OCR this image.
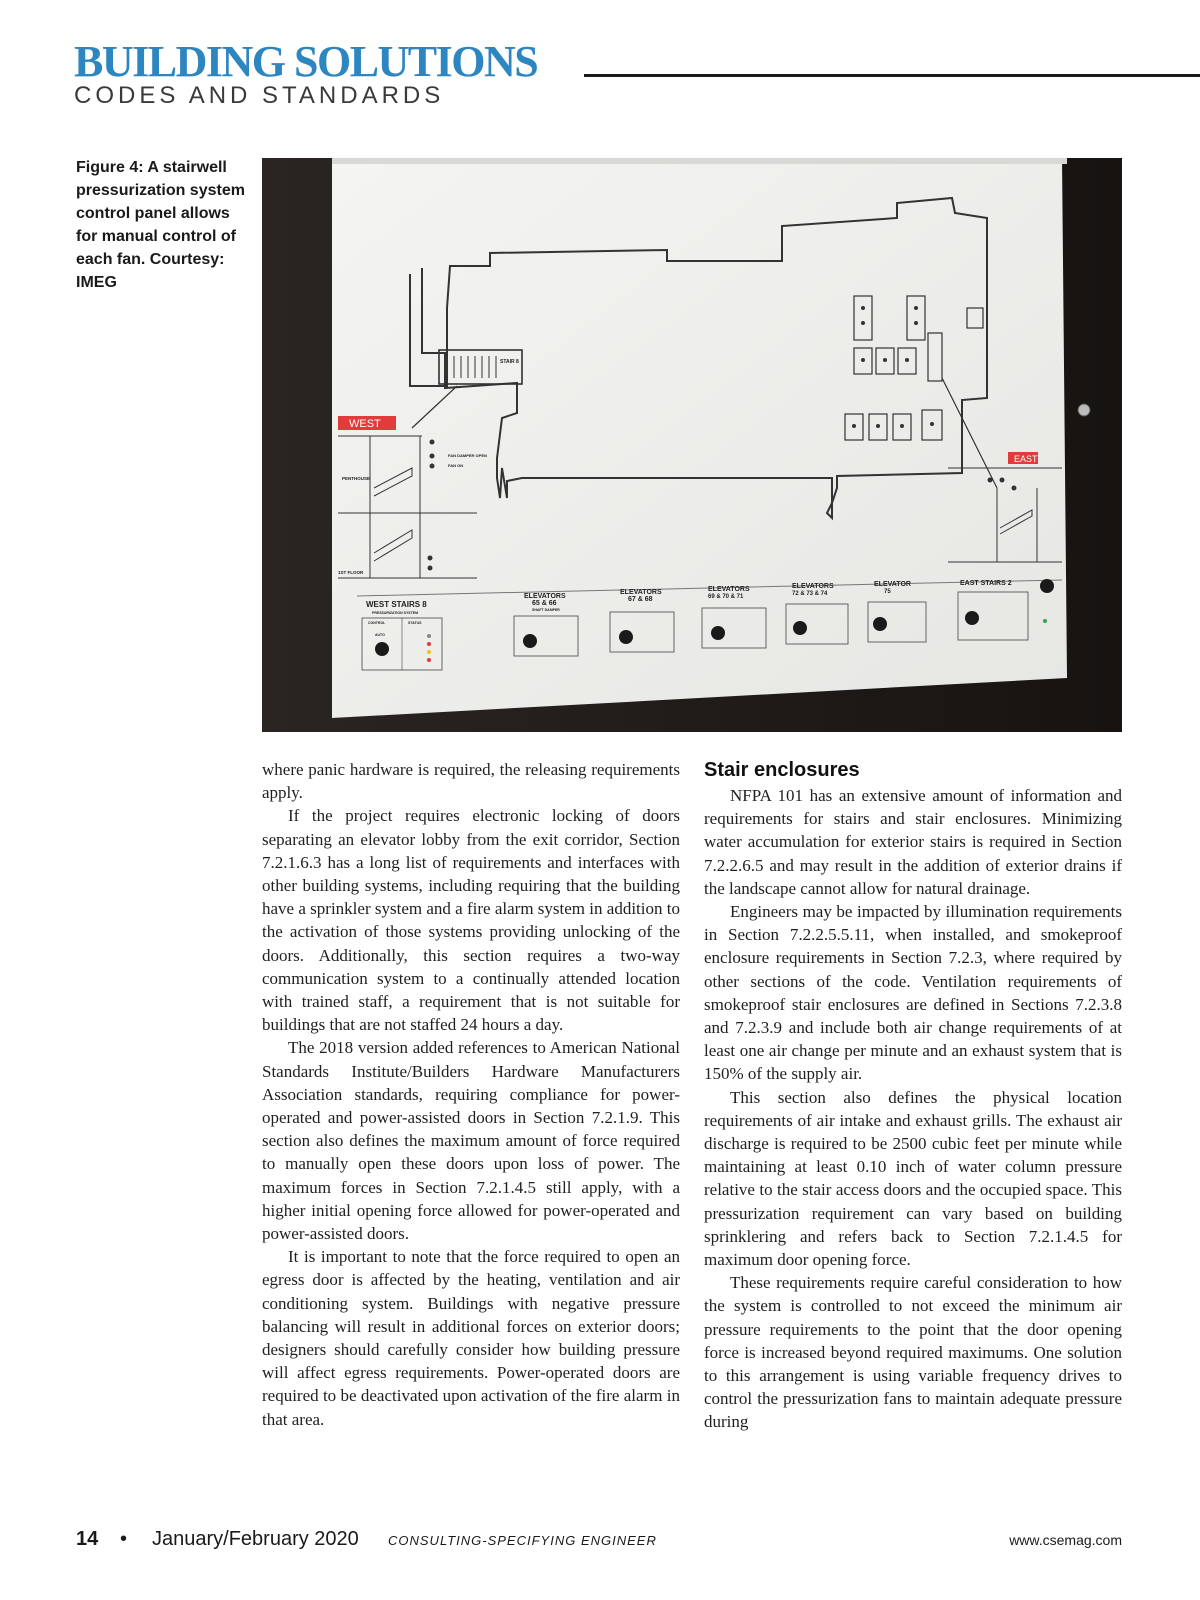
BUILDING SOLUTIONS
CODES AND STANDARDS

Figure 4: A stairwell pressurization system control panel allows for manual control of each fan. Courtesy: IMEG

STAIR 8
WEST
EAST
PENTHOUSE
1ST FLOOR
FAN DAMPER OPEN
FAN ON
WEST STAIRS 8
PRESSURIZATION SYSTEM
CONTROL	STATUS
AUTO
ELEVATORS
65 & 66
SHAFT DAMPER
ELEVATORS
67 & 68
ELEVATORS
69 & 70 & 71
ELEVATORS
72 & 73 & 74
ELEVATOR
75
EAST STAIRS 2

where panic hardware is required, the releasing requirements apply.

If the project requires electronic locking of doors separating an elevator lobby from the exit corridor, Section 7.2.1.6.3 has a long list of requirements and interfaces with other building systems, including requiring that the building have a sprinkler system and a fire alarm system in addition to the activation of those systems providing unlocking of the doors. Additionally, this section requires a two-way communication system to a continually attended location with trained staff, a requirement that is not suitable for buildings that are not staffed 24 hours a day.

The 2018 version added references to American National Standards Institute/Builders Hardware Manufacturers Association standards, requiring compliance for power-operated and power-assisted doors in Section 7.2.1.9. This section also defines the maximum amount of force required to manually open these doors upon loss of power. The maximum forces in Section 7.2.1.4.5 still apply, with a higher initial opening force allowed for power-operated and power-assisted doors.

It is important to note that the force required to open an egress door is affected by the heating, ventilation and air conditioning system. Buildings with negative pressure balancing will result in additional forces on exterior doors; designers should carefully consider how building pressure will affect egress requirements. Power-operated doors are required to be deactivated upon activation of the fire alarm in that area.

Stair enclosures

NFPA 101 has an extensive amount of information and requirements for stairs and stair enclosures. Minimizing water accumulation for exterior stairs is required in Section 7.2.2.6.5 and may result in the addition of exterior drains if the landscape cannot allow for natural drainage.

Engineers may be impacted by illumination requirements in Section 7.2.2.5.5.11, when installed, and smokeproof enclosure requirements in Section 7.2.3, where required by other sections of the code. Ventilation requirements of smokeproof stair enclosures are defined in Sections 7.2.3.8 and 7.2.3.9 and include both air change requirements of at least one air change per minute and an exhaust system that is 150% of the supply air.

This section also defines the physical location requirements of air intake and exhaust grills. The exhaust air discharge is required to be 2500 cubic feet per minute while maintaining at least 0.10 inch of water column pressure relative to the stair access doors and the occupied space. This pressurization requirement can vary based on building sprinklering and refers back to Section 7.2.1.4.5 for maximum door opening force.

These requirements require careful consideration to how the system is controlled to not exceed the minimum air pressure requirements to the point that the door opening force is increased beyond required maximums. One solution to this arrangement is using variable frequency drives to control the pressurization fans to maintain adequate pressure during

14 • January/February 2020 CONSULTING-SPECIFYING ENGINEER	www.csemag.com
